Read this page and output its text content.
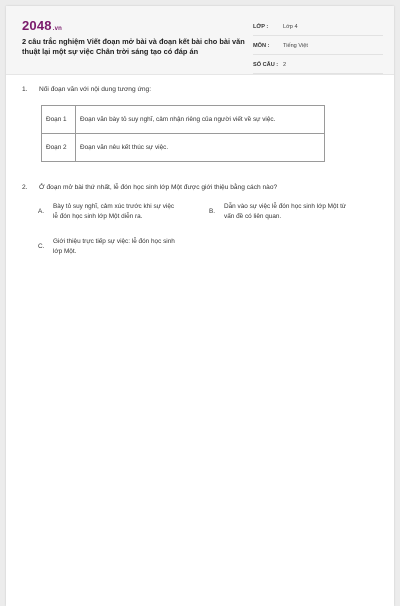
2048.vn
2 câu trắc nghiệm Viết đoạn mở bài và đoạn kết bài cho bài văn thuật lại một sự việc Chân trời sáng tạo có đáp án
LỚP :	Lớp 4
MÔN : Tiếng Việt
SỐ CÂU : 2
1. Nối đoạn văn với nội dung tương ứng:
Đoạn 1	Đoạn văn bày tỏ suy nghĩ, cảm nhận riêng của người viết về sự việc.
Đoạn 2	Đoạn văn nêu kết thúc sự việc.
2. Ở đoạn mở bài thứ nhất, lễ đón học sinh lớp Một được giới thiệu bằng cách nào?
A.
Bày tỏ suy nghĩ, cảm xúc trước khi sự việc
lễ đón học sinh lớp Một diễn ra.
B.
Dẫn vào sự việc lễ đón học sinh lớp Một từ
vấn đề có liên quan.
C.
Giới thiệu trực tiếp sự việc: lễ đón học sinh
lớp Một.
